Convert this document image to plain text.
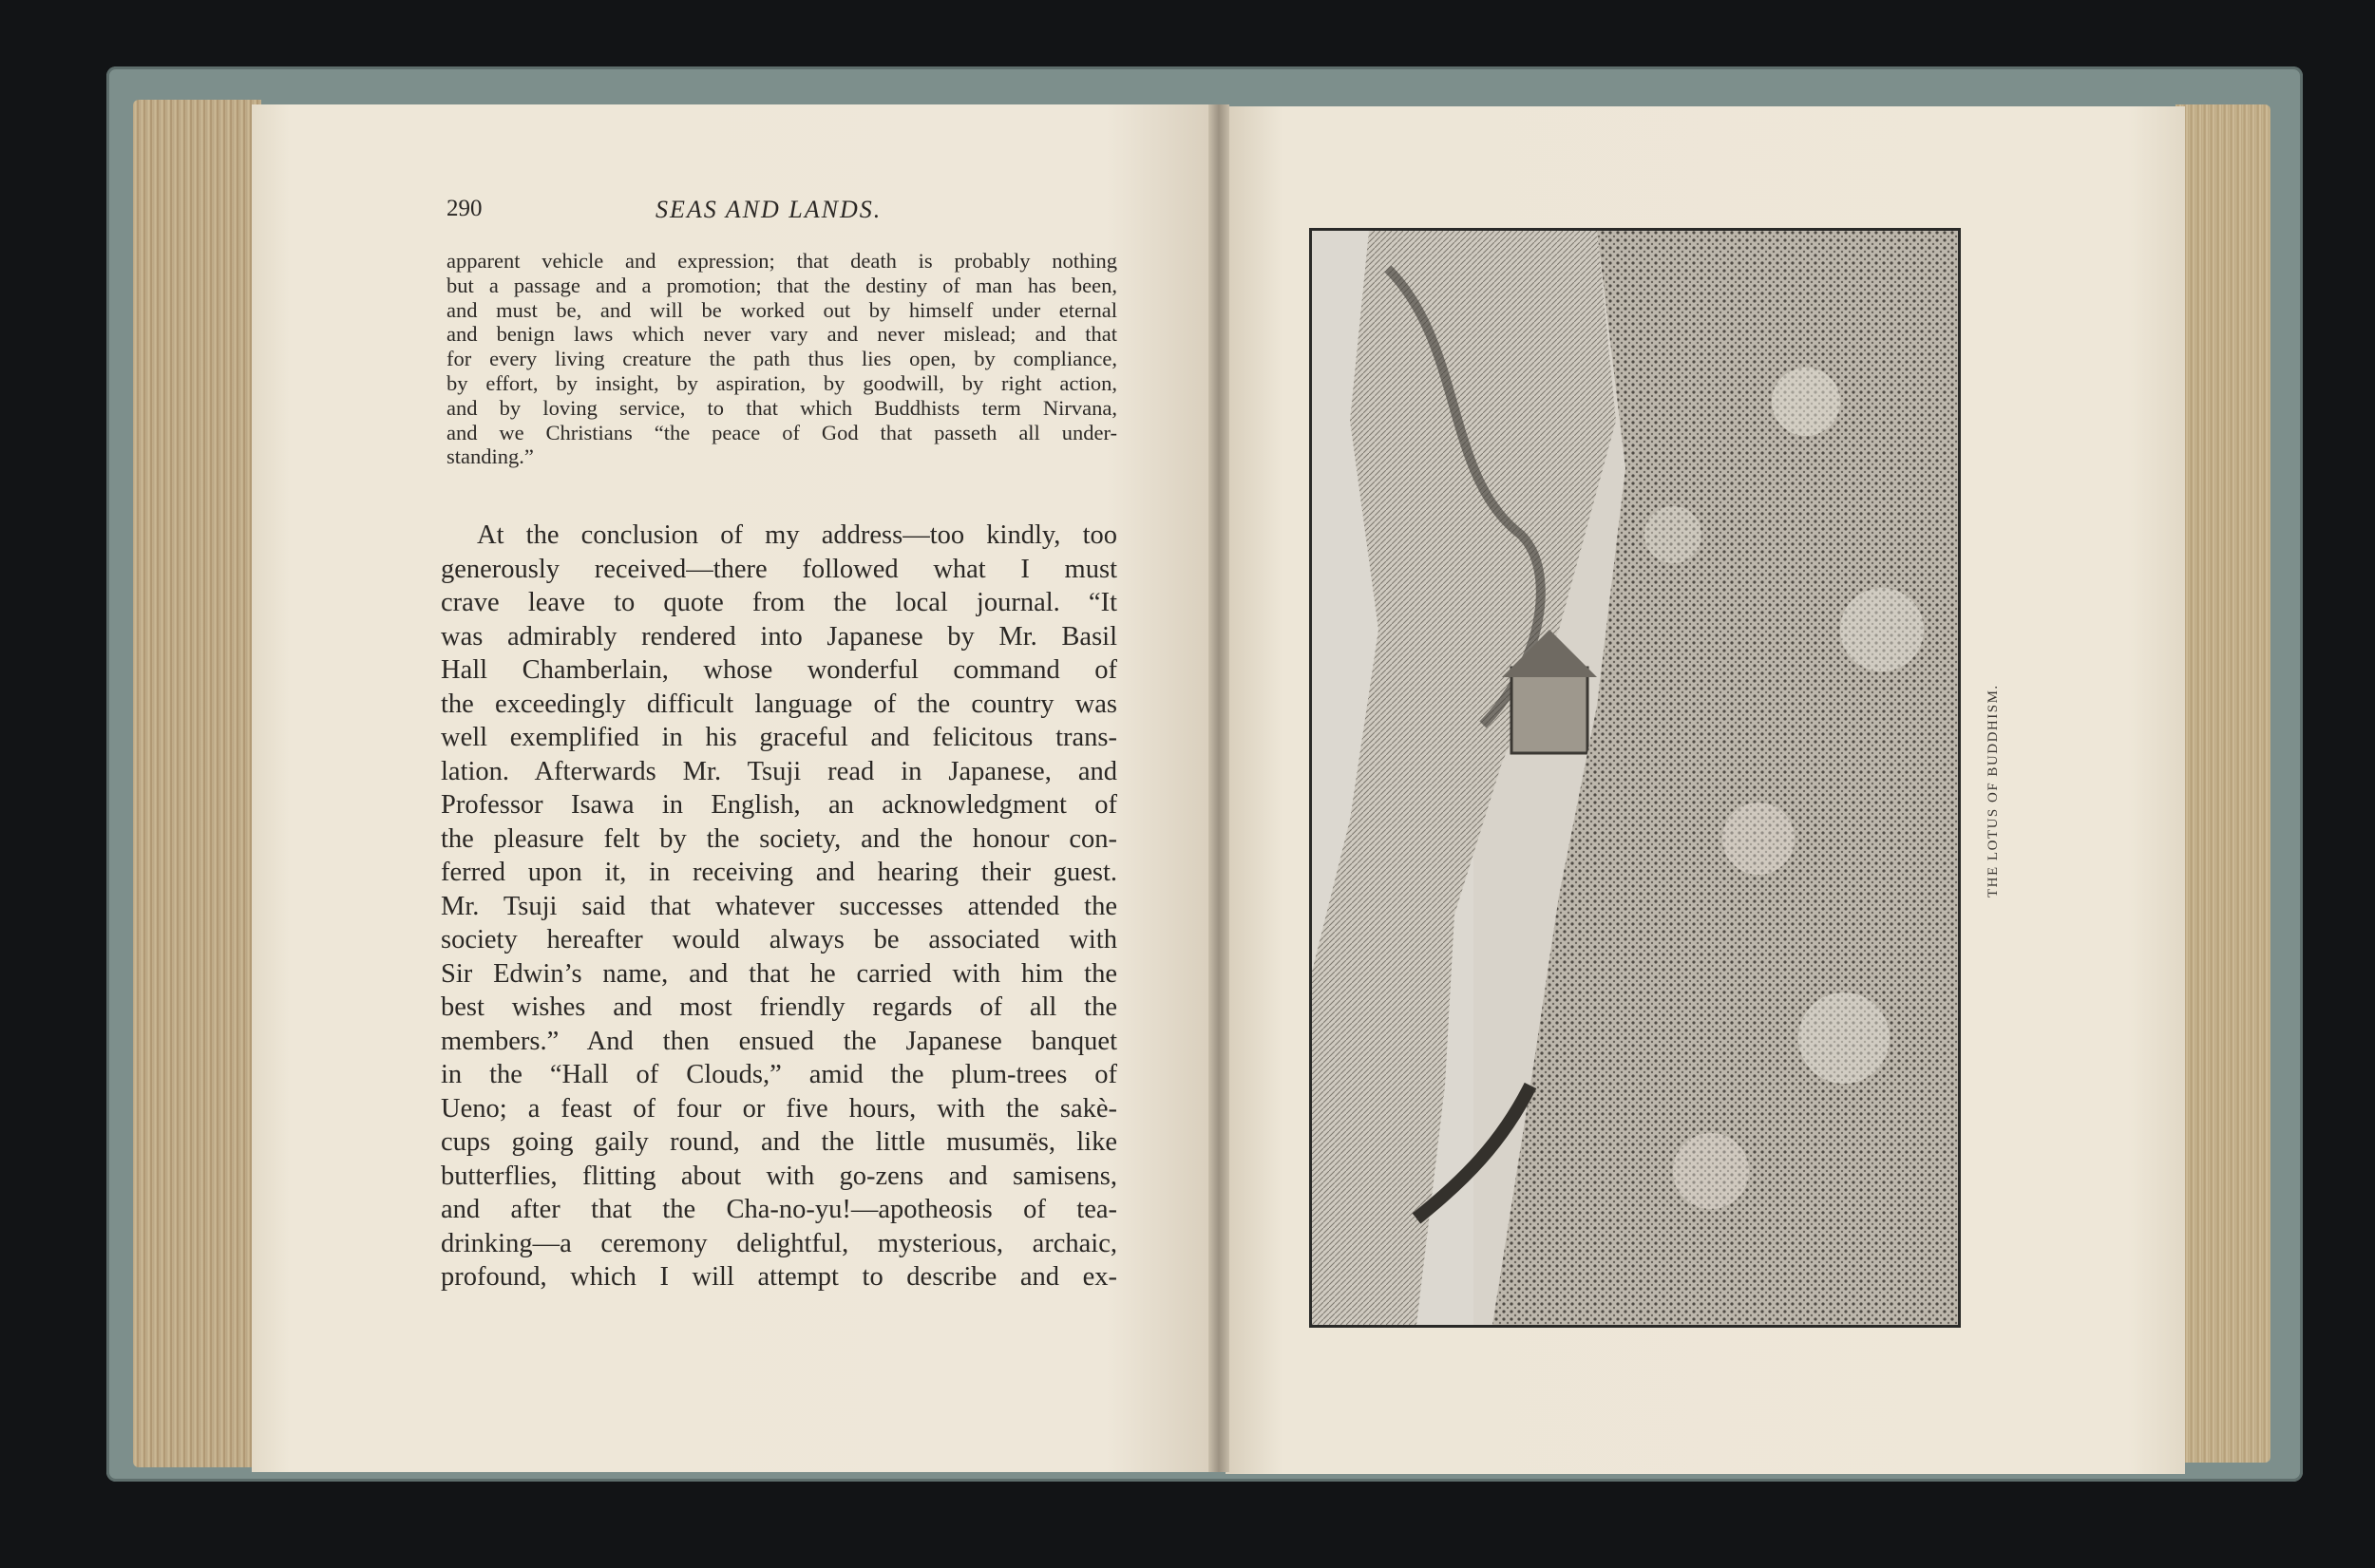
290	SEAS AND LANDS.
apparent vehicle and expression; that death is probably nothing
but a passage and a promotion; that the destiny of man has been,
and must be, and will be worked out by himself under eternal
and benign laws which never vary and never mislead; and that
for every living creature the path thus lies open, by compliance,
by effort, by insight, by aspiration, by goodwill, by right action,
and by loving service, to that which Buddhists term Nirvana,
and we Christians “the peace of God that passeth all under-
standing.”
At the conclusion of my address—too kindly, too
generously received—there followed what I must
crave leave to quote from the local journal. “It
was admirably rendered into Japanese by Mr. Basil
Hall Chamberlain, whose wonderful command of
the exceedingly difficult language of the country was
well exemplified in his graceful and felicitous trans-
lation. Afterwards Mr. Tsuji read in Japanese, and
Professor Isawa in English, an acknowledgment of
the pleasure felt by the society, and the honour con-
ferred upon it, in receiving and hearing their guest.
Mr. Tsuji said that whatever successes attended the
society hereafter would always be associated with
Sir Edwin’s name, and that he carried with him the
best wishes and most friendly regards of all the
members.” And then ensued the Japanese banquet
in the “Hall of Clouds,” amid the plum-trees of
Ueno; a feast of four or five hours, with the sakè-
cups going gaily round, and the little musumës, like
butterflies, flitting about with go-zens and samisens,
and after that the Cha-no-yu!—apotheosis of tea-
drinking—a ceremony delightful, mysterious, archaic,
profound, which I will attempt to describe and ex-
THE LOTUS OF BUDDHISM.
